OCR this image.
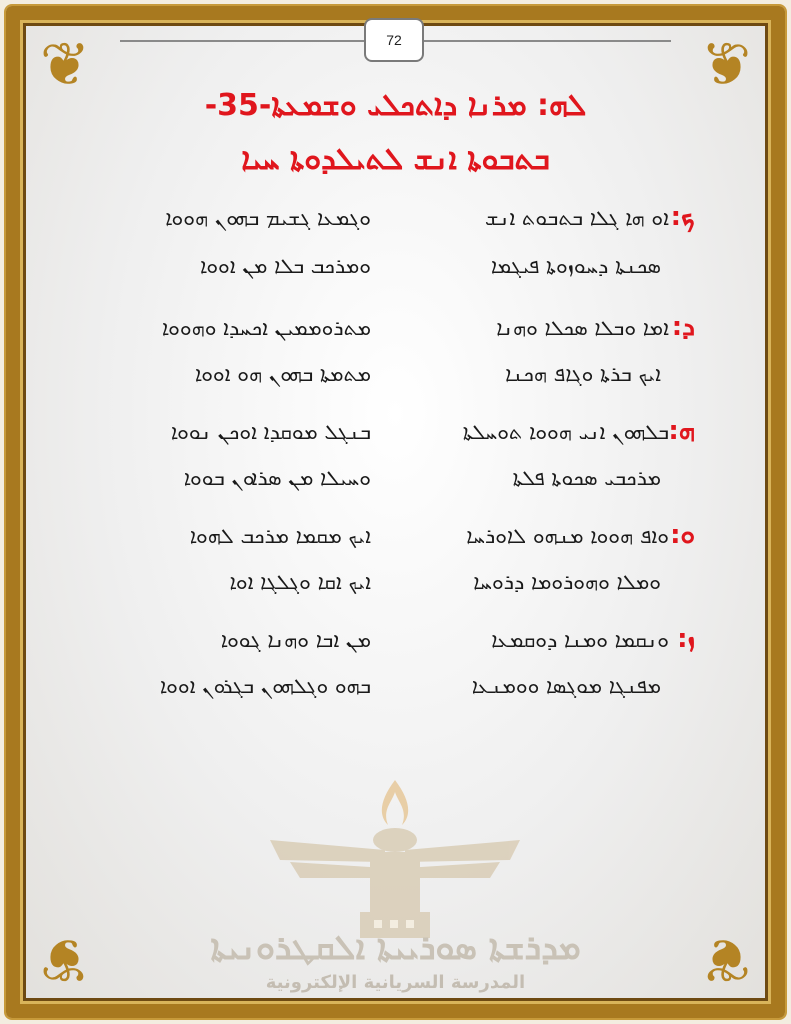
❦	❦
❦	❦
72
ܠܗ: ܡܪܢܐ ܕܐܬܟܠܝ ܘܫܡܥܬܐ-35-
ܒܬܒܘܬܐ ܐܢܫ ܠܬܝܠܕܘܬܐ ܚܝܐ
ܟ:
ܐܘ ܗܐ ܓܠܐ ܒܬܒܘܬ ܐܢܫ
ܣܟܢܬܐ ܕܚܘܙܘܬܐ ܦܝܓܡܐ
ܘܓܡܥܐ ܓܫܝܡ ܒܗܘܢ ܗܘܘܐ
ܘܡܪܟܒ ܒܠܐ ܡܢ ܐܘܘܐ
ܕ:
ܐܡܐ ܘܒܠܐ ܣܟܠܐ ܘܗܢܐ
ܐܝܟ ܒܪܬܐ ܘܓܐܦ ܗܟܢܐ
ܡܬܪܘܡܡܝܢ ܐܟܚܕܐ ܘܗܘܘܐ
ܡܬܡܬܐ ܒܗܘܢ ܗܘ ܐܘܘܐ
ܗ:
ܒܠܗܘܢ ܐܢܝ ܗܘܘܐ ܬܘܚܠܬܐ
ܡܪܟܒܝ ܣܟܘܬܐ ܦܠܬܐ
ܒܢܓܠ ܡܘܩܕܐ ܐܘܟܢ ܢܘܘܐ
ܘܚܝܠܐ ܡܢ ܣܪܐܘܢ ܒܘܘܐ
ܘ:
ܘܐܦ ܗܘܘܐ ܡܢܗܘ ܠܐܘܪܚܐ
ܘܡܠܐ ܘܗܘܪܘܡܐ ܕܪܘܚܐ
ܐܝܟ ܡܩܡܐ ܡܪܟܒ ܠܗܘܐ
ܐܝܟ ܐܩܐ ܘܓܠܓܐ ܐܘܐ
ܙ:
ܘܢܩܡܐ ܘܡܢܐ ܕܘܩܡܥܐ
ܡܦܢܓܐ ܡܘܓܣܐ ܘܘܡܢܥܐ
ܡܢ ܐܒܐ ܘܗܢܐ ܓܘܘܐ
ܒܗܘ ܘܓܠܗܘܢ ܒܓܪܘܢ ܐܘܘܐ
ܡܕܪܫܬܐ ܣܘܪܝܝܬܐ ܐܠܩܛܪܘܢܝܬܐ
المدرسة السريانية الإلكترونية
